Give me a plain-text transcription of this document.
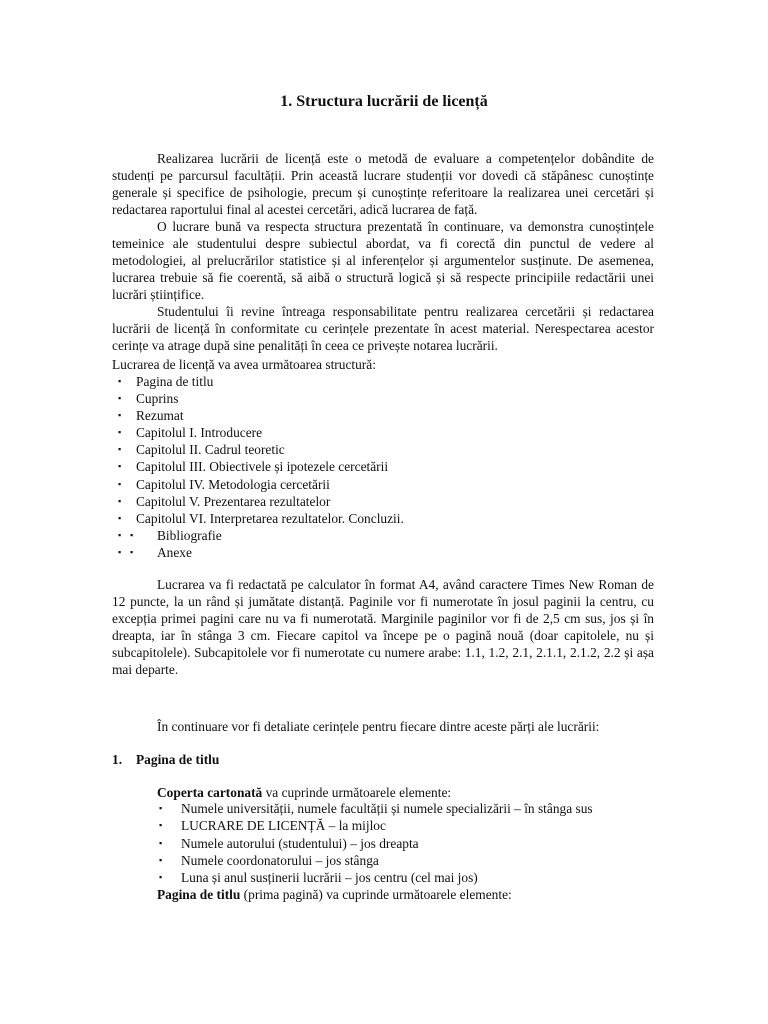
1. Structura lucrării de licență

Realizarea lucrării de licență este o metodă de evaluare a competențelor dobândite de studenți pe parcursul facultății. Prin această lucrare studenții vor dovedi că stăpânesc cunoștințe generale și specifice de psihologie, precum și cunoștințe referitoare la realizarea unei cercetări și redactarea raportului final al acestei cercetări, adică lucrarea de față.

O lucrare bună va respecta structura prezentată în continuare, va demonstra cunoștințele temeinice ale studentului despre subiectul abordat, va fi corectă din punctul de vedere al metodologiei, al prelucrărilor statistice și al inferențelor și argumentelor susținute. De asemenea, lucrarea trebuie să fie coerentă, să aibă o structură logică și să respecte principiile redactării unei lucrări științifice.

Studentului îi revine întreaga responsabilitate pentru realizarea cercetării și redactarea lucrării de licență în conformitate cu cerințele prezentate în acest material. Nerespectarea acestor cerințe va atrage după sine penalități în ceea ce privește notarea lucrării.

Lucrarea de licență va avea următoarea structură:
▪ Pagina de titlu
▪ Cuprins
▪ Rezumat
▪ Capitolul I. Introducere
▪ Capitolul II. Cadrul teoretic
▪ Capitolul III. Obiectivele și ipotezele cercetării
▪ Capitolul IV. Metodologia cercetării
▪ Capitolul V. Prezentarea rezultatelor
▪ Capitolul VI. Interpretarea rezultatelor. Concluzii.
▪ ▪ Bibliografie
▪ ▪ Anexe

Lucrarea va fi redactată pe calculator în format A4, având caractere Times New Roman de 12 puncte, la un rând și jumătate distanță. Paginile vor fi numerotate în josul paginii la centru, cu excepția primei pagini care nu va fi numerotată. Marginile paginilor vor fi de 2,5 cm sus, jos și în dreapta, iar în stânga 3 cm. Fiecare capitol va începe pe o pagină nouă (doar capitolele, nu și subcapitolele). Subcapitolele vor fi numerotate cu numere arabe: 1.1, 1.2, 2.1, 2.1.1, 2.1.2, 2.2 și așa mai departe.

În continuare vor fi detaliate cerințele pentru fiecare dintre aceste părți ale lucrării:
1. Pagina de titlu
Coperta cartonată va cuprinde următoarele elemente:
▪ Numele universității, numele facultății și numele specializării – în stânga sus
▪ LUCRARE DE LICENȚĂ – la mijloc
▪ Numele autorului (studentului) – jos dreapta
▪ Numele coordonatorului – jos stânga
▪ Luna și anul susținerii lucrării – jos centru (cel mai jos)
Pagina de titlu (prima pagină) va cuprinde următoarele elemente:
